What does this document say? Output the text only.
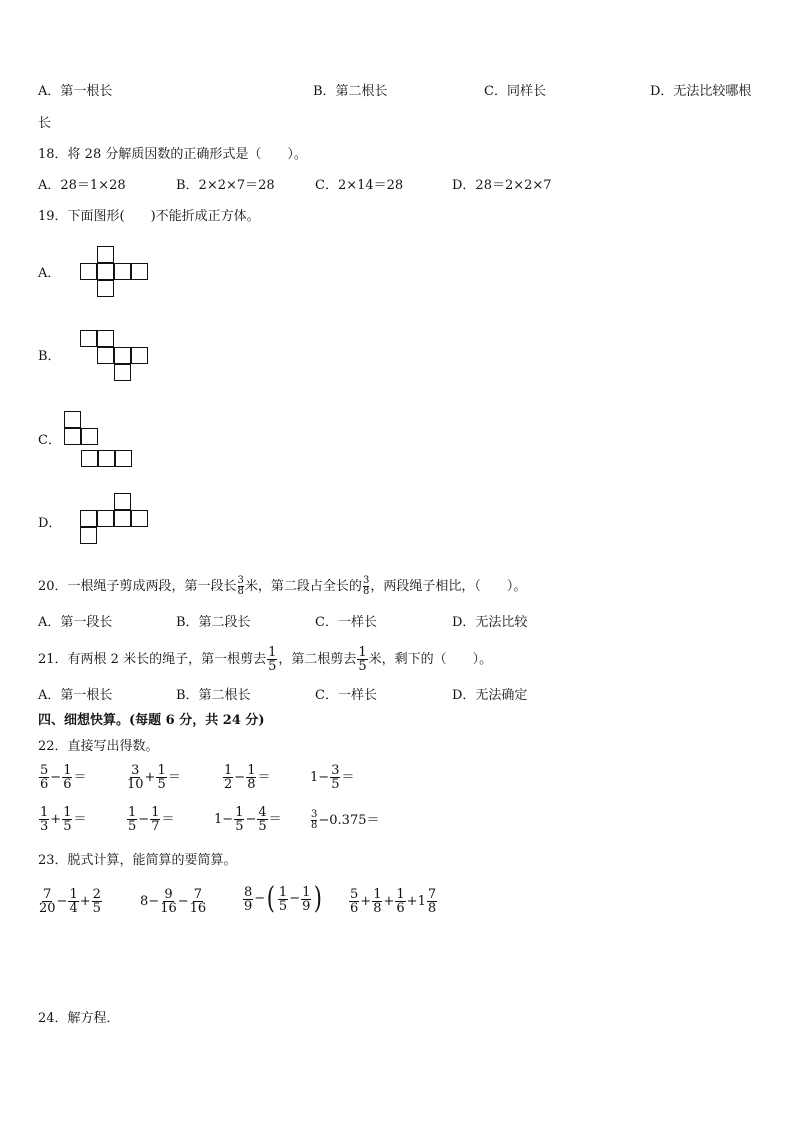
A．第一根长	B．第二根长	C．同样长	D．无法比较哪根
长
18．将 28 分解质因数的正确形式是（　　）。
A．28＝1×28	B．2×2×7＝28	C．2×14＝28	D．28＝2×2×7
19．下面图形(　　)不能折成正方体。
A．
B．
C．
D．
20．一根绳子剪成两段，第一段长 $\frac{3}{8}$ 米，第二段占全长的 $\frac{3}{8}$ ，两段绳子相比，（　　）。
A．第一段长	B．第二段长	C．一样长	D．无法比较
21．有两根 2 米长的绳子，第一根剪去 $\frac{1}{5}$ ，第二根剪去 $\frac{1}{5}$ 米，剩下的（　　）。
A．第一根长	B．第二根长	C．一样长	D．无法确定
四、细想快算。(每题 6 分，共 24 分)
22．直接写出得数。
$\frac{5}{6} - \frac{1}{6}$ ＝	$\frac{3}{10} + \frac{1}{5}$ ＝	$\frac{1}{2} - \frac{1}{8}$ ＝	$1 - \frac{3}{5}$ ＝
$\frac{1}{3} + \frac{1}{5}$ ＝	$\frac{1}{5} - \frac{1}{7}$ ＝	$1 - \frac{1}{5} - \frac{4}{5}$ ＝	$\frac{3}{8} -0.375=$
23．脱式计算，能简算的要简算。
$\frac{7}{20} - \frac{1}{4} + \frac{2}{5}$	$8 - \frac{9}{16} - \frac{7}{16}$	$\frac{8}{9}$ − ( $\frac{1}{5} - \frac{1}{9}$ ) $\frac{5}{6} + \frac{1}{8} + \frac{1}{6} + 1 \frac{7}{8}$
24．解方程．
